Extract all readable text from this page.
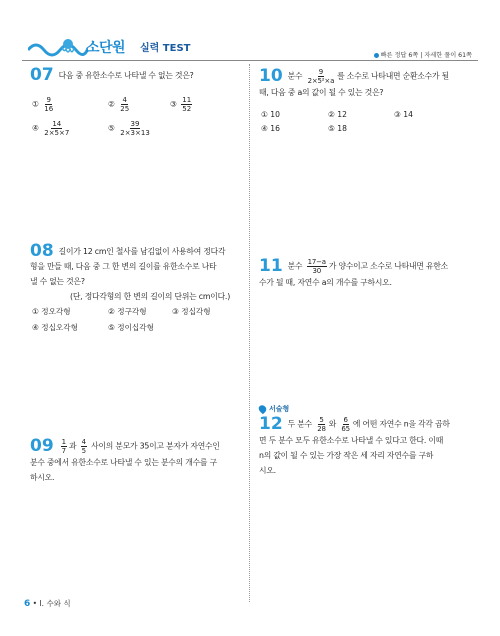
소단원 실력 TEST
빠른 정답 6쪽 | 자세한 풀이 61쪽
07 다음 중 유한소수로 나타낼 수 없는 것은?
① $\frac{9}{16}$	② $\frac{4}{25}$	③ $\frac{11}{52}$
④ $\frac{14}{2\times 5\times 7}$	⑤ $\frac{39}{2\times 3\times 13}$
08 길이가 12 cm인 철사를 남김없이 사용하여 정다각
형을 만들 때, 다음 중 그 한 변의 길이를 유한소수로 나타
낼 수 없는 것은?
(단, 정다각형의 한 변의 길이의 단위는 cm이다.)
① 정오각형	② 정구각형	③ 정십각형
④ 정십오각형	⑤ 정이십각형
$09 \frac{1}{7}$ 과 $\frac{4}{5}$ 사이의 분모가 35이고 분자가 자연수인
분수 중에서 유한소수로 나타낼 수 있는 분수의 개수를 구
하시오.
10 분수 $\frac{9}{\text{2×5²×a}}$ 를 소수로 나타내면 순환소수가 될
때, 다음 중 a의 값이 될 수 있는 것은?
① 10	② 12	③ 14
④ 16	⑤ 18
11 분수 $\frac{17-a}{30}$ 가 양수이고 소수로 나타내면 유한소
수가 될 때, 자연수 a의 개수를 구하시오.
서술형
12 두 분수 $\frac{5}{28}$ 와 $\frac{6}{65}$ 에 어떤 자연수 n을 각각 곱하
면 두 분수 모두 유한소수로 나타낼 수 있다고 한다. 이때
n의 값이 될 수 있는 가장 작은 세 자리 자연수를 구하
시오.
6 • Ⅰ. 수와 식
